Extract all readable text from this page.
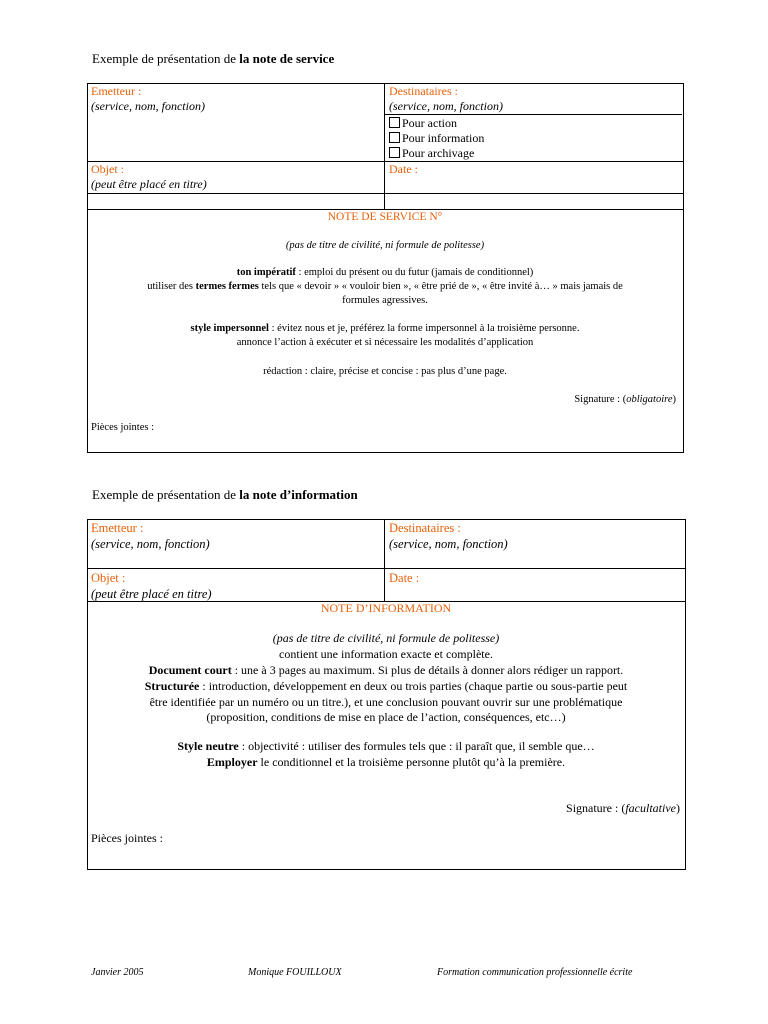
Exemple de présentation de la note de service
Emetteur :
(service, nom, fonction)
Destinataires :
(service, nom, fonction)
Pour action
Pour information
Pour archivage
Objet :
(peut être placé en titre)
Date :
NOTE DE SERVICE N°
(pas de titre de civilité, ni formule de politesse)
ton impératif : emploi du présent ou du futur (jamais de conditionnel)
utiliser des termes fermes tels que « devoir » « vouloir bien », « être prié de », « être invité à… » mais jamais de
formules agressives.
style impersonnel : évitez nous et je, préférez la forme impersonnel à la troisième personne.
annonce l’action à exécuter et si nécessaire les modalités d’application
rédaction : claire, précise et concise : pas plus d’une page.
Signature : (obligatoire)
Pièces jointes :
Exemple de présentation de la note d’information
Emetteur :
(service, nom, fonction)
Destinataires :
(service, nom, fonction)
Objet :
(peut être placé en titre)
Date :
NOTE D’INFORMATION
(pas de titre de civilité, ni formule de politesse)
contient une information exacte et complète.
Document court : une à 3 pages au maximum. Si plus de détails à donner alors rédiger un rapport.
Structurée : introduction, développement en deux ou trois parties (chaque partie ou sous-partie peut
être identifiée par un numéro ou un titre.), et une conclusion pouvant ouvrir sur une problématique
(proposition, conditions de mise en place de l’action, conséquences, etc…)
Style neutre : objectivité : utiliser des formules tels que : il paraît que, il semble que…
Employer le conditionnel et la troisième personne plutôt qu’à la première.
Signature : (facultative)
Pièces jointes :
Janvier 2005	Monique FOUILLOUX	Formation communication professionnelle écrite
